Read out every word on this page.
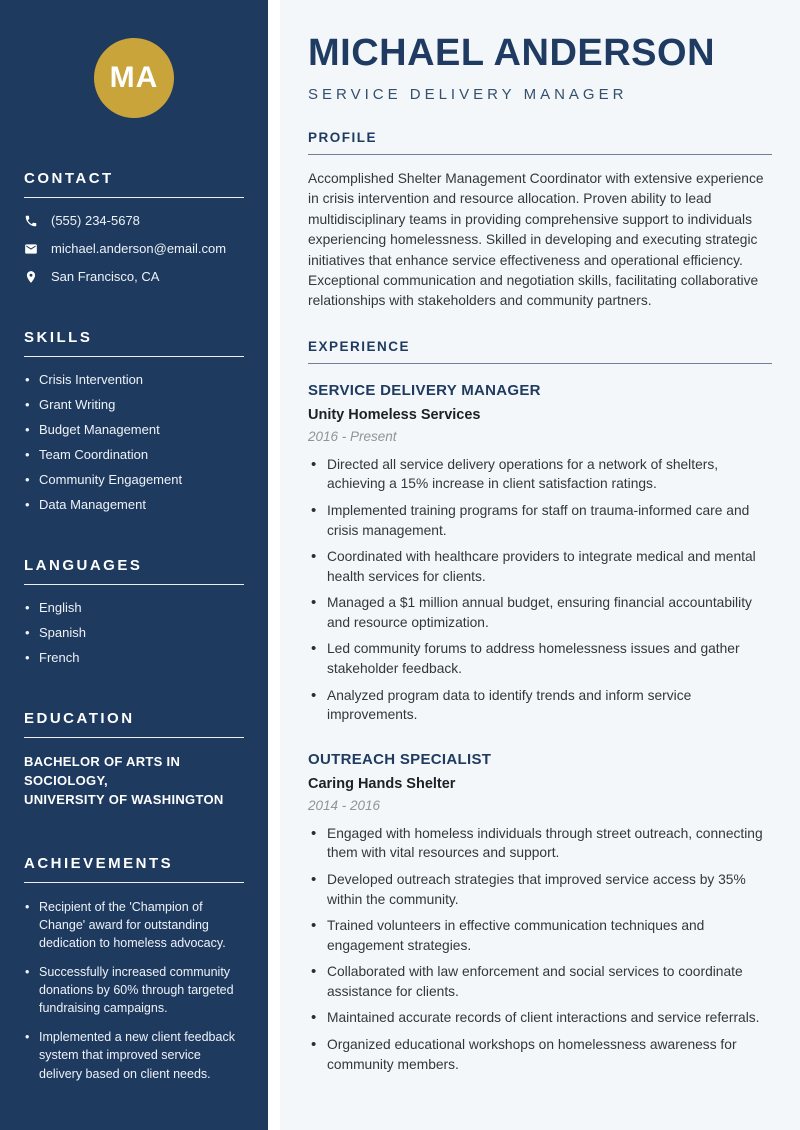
MA
CONTACT
(555) 234-5678
michael.anderson@email.com
San Francisco, CA
SKILLS
• Crisis Intervention
• Grant Writing
• Budget Management
• Team Coordination
• Community Engagement
• Data Management
LANGUAGES
• English
• Spanish
• French
EDUCATION
BACHELOR OF ARTS IN SOCIOLOGY,
UNIVERSITY OF WASHINGTON
ACHIEVEMENTS
• Recipient of the 'Champion of Change' award for outstanding dedication to homeless advocacy.
• Successfully increased community donations by 60% through targeted fundraising campaigns.
• Implemented a new client feedback system that improved service delivery based on client needs.
MICHAEL ANDERSON
SERVICE DELIVERY MANAGER
PROFILE

Accomplished Shelter Management Coordinator with extensive experience in crisis intervention and resource allocation. Proven ability to lead multidisciplinary teams in providing comprehensive support to individuals experiencing homelessness. Skilled in developing and executing strategic initiatives that enhance service effectiveness and operational efficiency. Exceptional communication and negotiation skills, facilitating collaborative relationships with stakeholders and community partners.

EXPERIENCE
SERVICE DELIVERY MANAGER
Unity Homeless Services
2016 - Present
• Directed all service delivery operations for a network of shelters, achieving a 15% increase in client satisfaction ratings.
• Implemented training programs for staff on trauma-informed care and crisis management.
• Coordinated with healthcare providers to integrate medical and mental health services for clients.
• Managed a $1 million annual budget, ensuring financial accountability and resource optimization.
• Led community forums to address homelessness issues and gather stakeholder feedback.
• Analyzed program data to identify trends and inform service improvements.
OUTREACH SPECIALIST
Caring Hands Shelter
2014 - 2016
• Engaged with homeless individuals through street outreach, connecting them with vital resources and support.
• Developed outreach strategies that improved service access by 35% within the community.
• Trained volunteers in effective communication techniques and engagement strategies.
• Collaborated with law enforcement and social services to coordinate assistance for clients.
• Maintained accurate records of client interactions and service referrals.
• Organized educational workshops on homelessness awareness for community members.
